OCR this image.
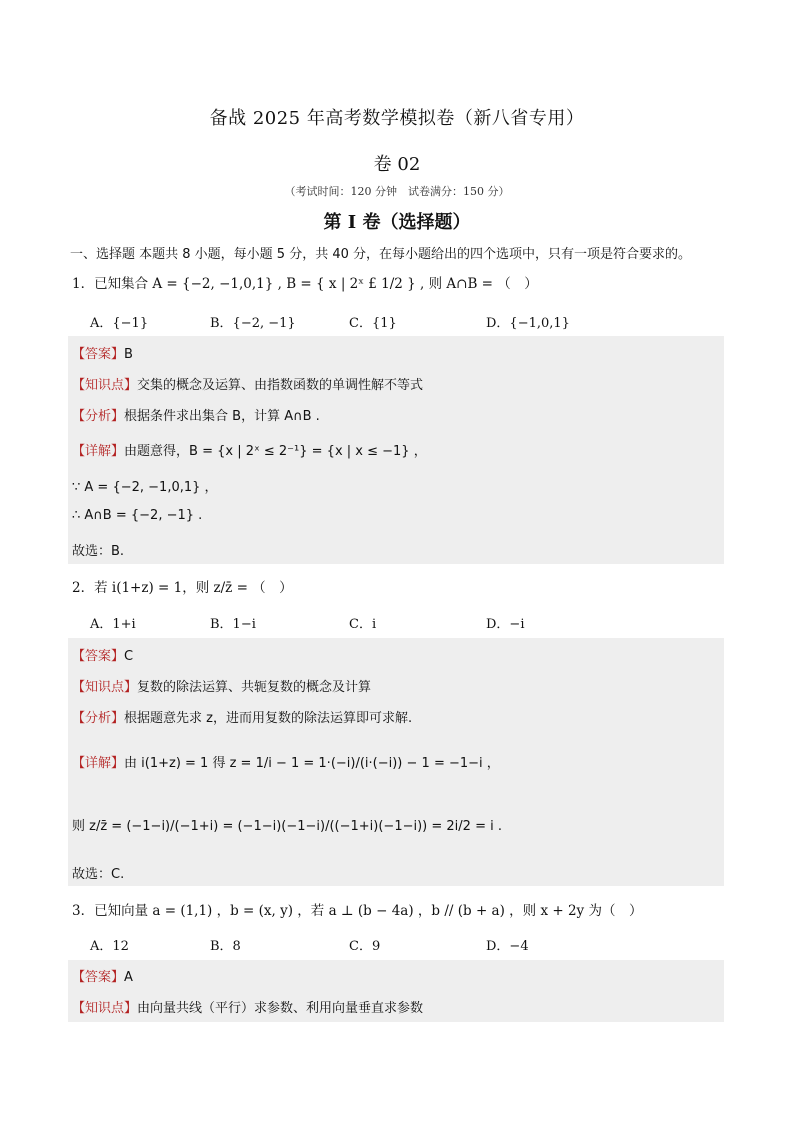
备战 2025 年高考数学模拟卷（新八省专用）
卷 02
（考试时间：120 分钟　试卷满分：150 分）
第 I 卷（选择题）
一、选择题 本题共 8 小题，每小题 5 分，共 40 分，在每小题给出的四个选项中，只有一项是符合要求的。
1．已知集合 A = {−2, −1,0,1} , B = { x | 2ˣ £ 1/2 } , 则 A∩B = （　）
A．{−1}	B．{−2, −1}	C．{1}	D．{−1,0,1}
【答案】B
【知识点】交集的概念及运算、由指数函数的单调性解不等式
【分析】根据条件求出集合 B，计算 A∩B .
【详解】由题意得，B = {x | 2ˣ ≤ 2⁻¹} = {x | x ≤ −1} ，
∵ A = {−2, −1,0,1} ，
∴ A∩B = {−2, −1} .
故选：B.
2．若 i(1+z) = 1，则 z/z̄ = （　）
A．1+i	B．1−i	C．i	D．−i
【答案】C
【知识点】复数的除法运算、共轭复数的概念及计算
【分析】根据题意先求 z，进而用复数的除法运算即可求解.
【详解】由 i(1+z) = 1 得 z = 1/i − 1 = 1·(−i)/(i·(−i)) − 1 = −1−i ，
则 z/z̄ = (−1−i)/(−1+i) = (−1−i)(−1−i)/((−1+i)(−1−i)) = 2i/2 = i .
故选：C.
3．已知向量 a = (1,1) ，b = (x, y) ，若 a ⊥ (b − 4a) ，b // (b + a) ，则 x + 2y 为（　）
A．12	B．8	C．9	D．−4
【答案】A
【知识点】由向量共线（平行）求参数、利用向量垂直求参数
